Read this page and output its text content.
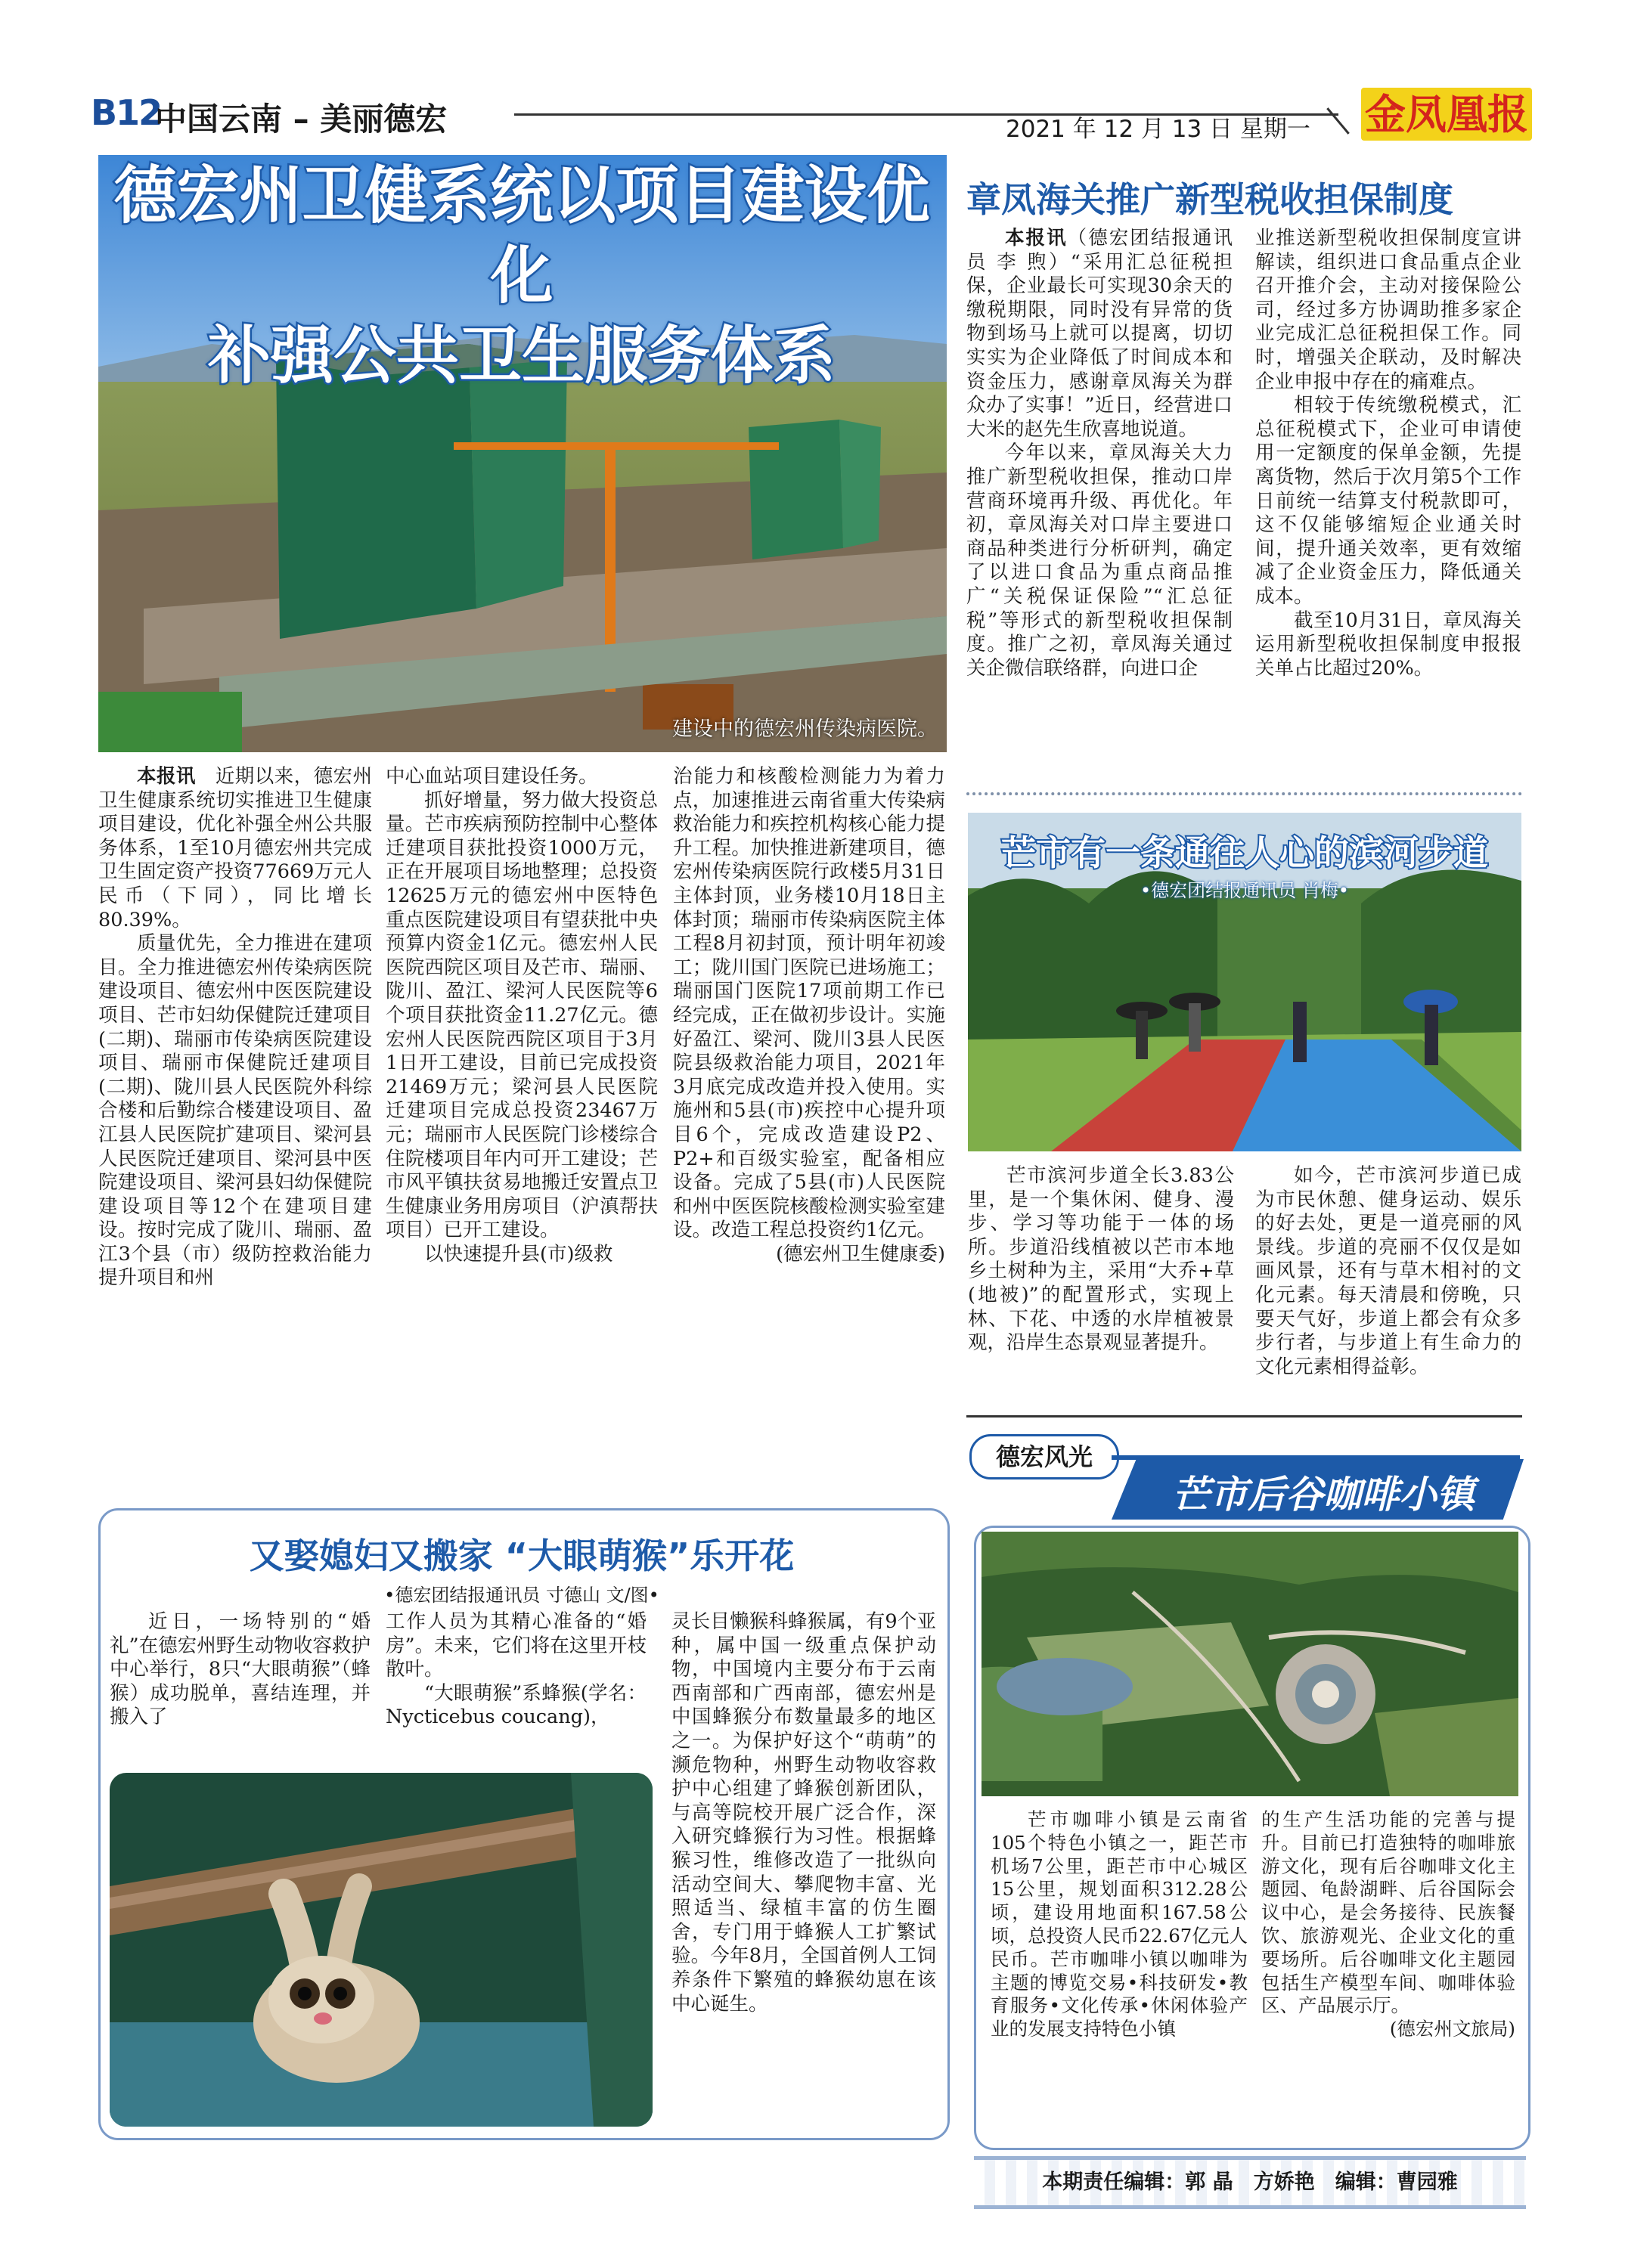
B12
中国云南 – 美丽德宏	2021 年 12 月 13 日 星期一 金凤凰报
德宏州卫健系统以项目建设优化
补强公共卫生服务体系
建设中的德宏州传染病医院。

本报讯　 近期以来，德宏州卫生健康系统切实推进卫生健康项目建设，优化补强全州公共服务体系，1至10月德宏州共完成卫生固定资产投资77669万元人民币（下同），同比增长80.39%。

质量优先，全力推进在建项目。全力推进德宏州传染病医院建设项目、德宏州中医医院建设项目、芒市妇幼保健院迁建项目(二期)、瑞丽市传染病医院建设项目、瑞丽市保健院迁建项目(二期)、陇川县人民医院外科综合楼和后勤综合楼建设项目、盈江县人民医院扩建项目、梁河县人民医院迁建项目、梁河县中医院建设项目、梁河县妇幼保健院建设项目等12个在建项目建设。按时完成了陇川、瑞丽、盈江3个县（市）级防控救治能力提升项目和州

中心血站项目建设任务。

抓好增量，努力做大投资总量。芒市疾病预防控制中心整体迁建项目获批投资1000万元，正在开展项目场地整理；总投资12625万元的德宏州中医特色重点医院建设项目有望获批中央预算内资金1亿元。德宏州人民医院西院区项目及芒市、瑞丽、陇川、盈江、梁河人民医院等6个项目获批资金11.27亿元。德宏州人民医院西院区项目于3月1日开工建设，目前已完成投资21469万元；梁河县人民医院迁建项目完成总投资23467万元；瑞丽市人民医院门诊楼综合住院楼项目年内可开工建设；芒市风平镇扶贫易地搬迁安置点卫生健康业务用房项目（沪滇帮扶项目）已开工建设。

以快速提升县(市)级救

治能力和核酸检测能力为着力点，加速推进云南省重大传染病救治能力和疾控机构核心能力提升工程。加快推进新建项目，德宏州传染病医院行政楼5月31日主体封顶，业务楼10月18日主体封顶；瑞丽市传染病医院主体工程8月初封顶，预计明年初竣工；陇川国门医院已进场施工；瑞丽国门医院17项前期工作已经完成，正在做初步设计。实施好盈江、梁河、陇川3县人民医院县级救治能力项目，2021年3月底完成改造并投入使用。实施州和5县(市)疾控中心提升项目6个，完成改造建设P2、P2+和百级实验室，配备相应设备。完成了5县(市)人民医院和州中医医院核酸检测实验室建设。改造工程总投资约1亿元。

(德宏州卫生健康委)
章凤海关推广新型税收担保制度

本报讯（德宏团结报通讯员 李 煦）“采用汇总征税担保，企业最长可实现30余天的缴税期限，同时没有异常的货物到场马上就可以提离，切切实实为企业降低了时间成本和资金压力，感谢章凤海关为群众办了实事！”近日，经营进口大米的赵先生欣喜地说道。

今年以来，章凤海关大力推广新型税收担保，推动口岸营商环境再升级、再优化。年初，章凤海关对口岸主要进口商品种类进行分析研判，确定了以进口食品为重点商品推广“关税保证保险”“汇总征税”等形式的新型税收担保制度。推广之初，章凤海关通过关企微信联络群，向进口企

业推送新型税收担保制度宣讲解读，组织进口食品重点企业召开推介会，主动对接保险公司，经过多方协调助推多家企业完成汇总征税担保工作。同时，增强关企联动，及时解决企业申报中存在的痛难点。

相较于传统缴税模式，汇总征税模式下，企业可申请使用一定额度的保单金额，先提离货物，然后于次月第5个工作日前统一结算支付税款即可，这不仅能够缩短企业通关时间，提升通关效率，更有效缩减了企业资金压力，降低通关成本。

截至10月31日，章凤海关运用新型税收担保制度申报报关单占比超过20%。

芒市有一条通往人心的滨河步道
•德宏团结报通讯员 肖梅•

芒市滨河步道全长3.83公里，是一个集休闲、健身、漫步、学习等功能于一体的场所。步道沿线植被以芒市本地乡土树种为主，采用“大乔+草(地被)”的配置形式，实现上林、下花、中透的水岸植被景观，沿岸生态景观显著提升。

如今，芒市滨河步道已成为市民休憩、健身运动、娱乐的好去处，更是一道亮丽的风景线。步道的亮丽不仅仅是如画风景，还有与草木相衬的文化元素。每天清晨和傍晚，只要天气好，步道上都会有众多步行者，与步道上有生命力的文化元素相得益彰。

德宏风光
芒市后谷咖啡小镇

芒市咖啡小镇是云南省105个特色小镇之一，距芒市机场7公里，距芒市中心城区15公里，规划面积312.28公顷，建设用地面积167.58公顷，总投资人民币22.67亿元人民币。芒市咖啡小镇以咖啡为主题的博览交易•科技研发•教育服务•文化传承•休闲体验产业的发展支持特色小镇

的生产生活功能的完善与提升。目前已打造独特的咖啡旅游文化，现有后谷咖啡文化主题园、龟龄湖畔、后谷国际会议中心，是会务接待、民族餐饮、旅游观光、企业文化的重要场所。后谷咖啡文化主题园包括生产模型车间、咖啡体验区、产品展示厅。

(德宏州文旅局)
又娶媳妇又搬家 “大眼萌猴”乐开花
•德宏团结报通讯员 寸德山 文/图•

近日，一场特别的“婚礼”在德宏州野生动物收容救护中心举行，8只“大眼萌猴”（蜂猴）成功脱单，喜结连理，并搬入了

工作人员为其精心准备的“婚房”。未来，它们将在这里开枝散叶。

“大眼萌猴”系蜂猴(学名：Nycticebus coucang)，

灵长目懒猴科蜂猴属，有9个亚种，属中国一级重点保护动物，中国境内主要分布于云南西南部和广西南部，德宏州是中国蜂猴分布数量最多的地区之一。为保护好这个“萌萌”的濒危物种，州野生动物收容救护中心组建了蜂猴创新团队，与高等院校开展广泛合作，深入研究蜂猴行为习性。根据蜂猴习性，维修改造了一批纵向活动空间大、攀爬物丰富、光照适当、绿植丰富的仿生圈舍，专门用于蜂猴人工扩繁试验。今年8月，全国首例人工饲养条件下繁殖的蜂猴幼崽在该中心诞生。

本期责任编辑：郭 晶　方娇艳　编辑：曹园雅
